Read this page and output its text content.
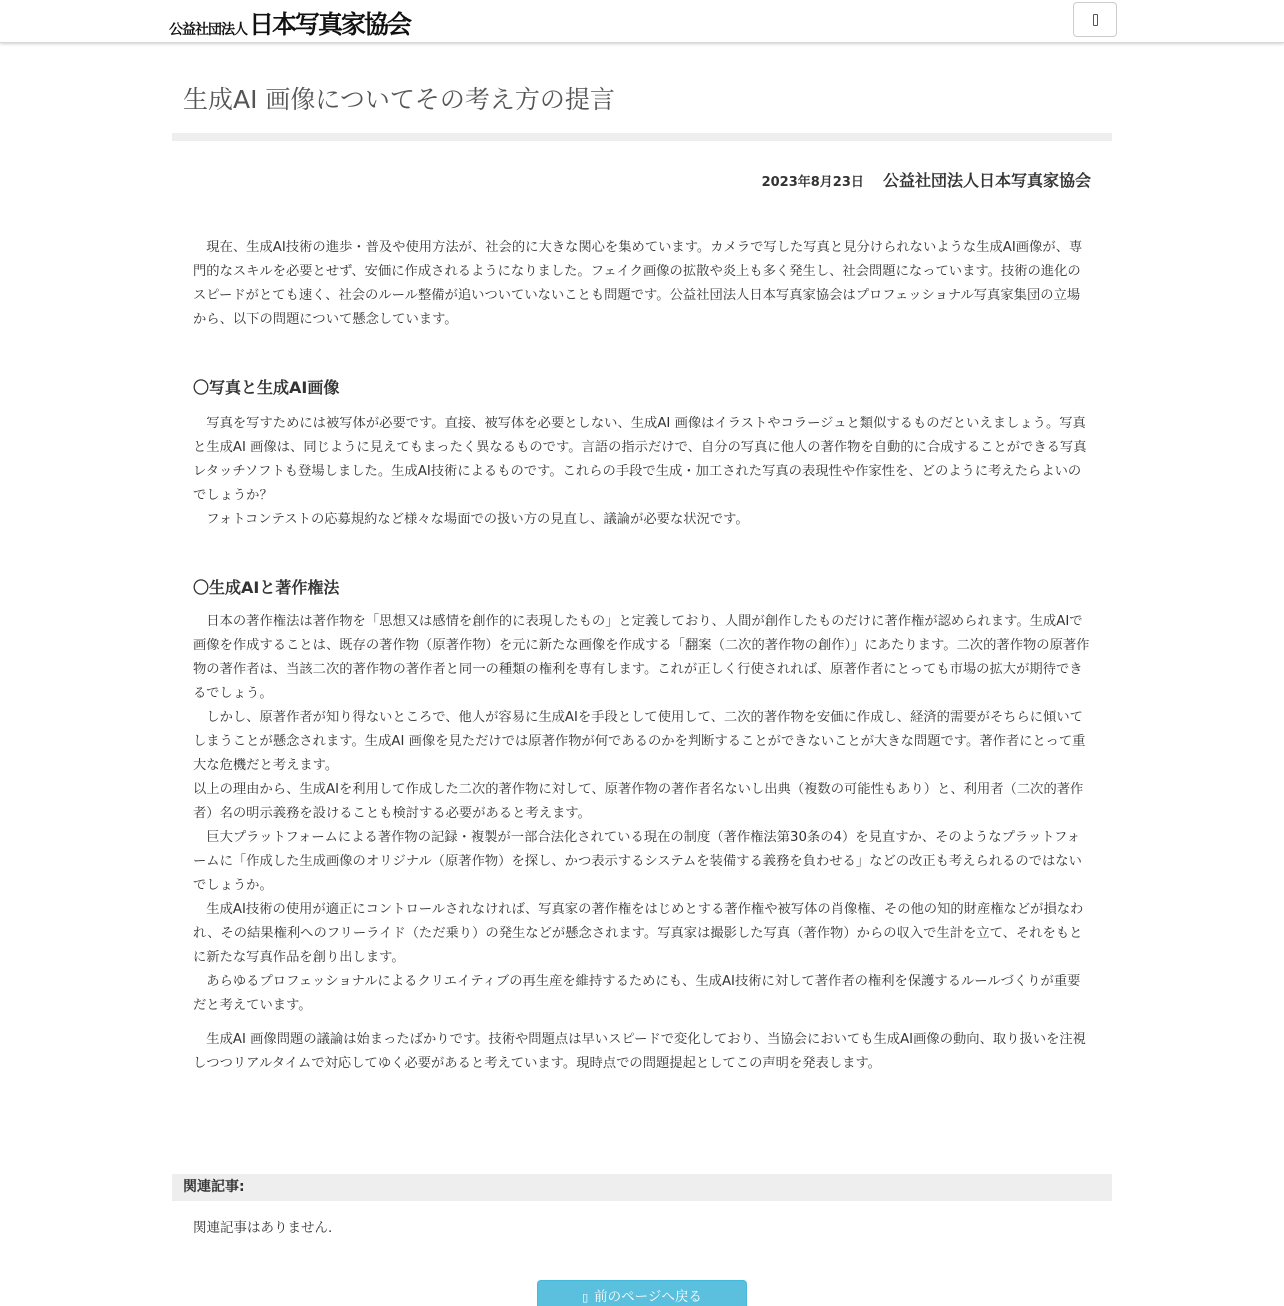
公益社団法人 日本写真家協会
生成AI 画像についてその考え方の提言
2023年8月23日 公益社団法人日本写真家協会

　現在、生成AI技術の進歩・普及や使用方法が、社会的に大きな関心を集めています。カメラで写した写真と見分けられないような生成AI画像が、専門的なスキルを必要とせず、安価に作成されるようになりました。フェイク画像の拡散や炎上も多く発生し、社会問題になっています。技術の進化のスピードがとても速く、社会のルール整備が追いついていないことも問題です。公益社団法人日本写真家協会はプロフェッショナル写真家集団の立場から、以下の問題について懸念しています。

〇写真と生成AI画像

　写真を写すためには被写体が必要です。直接、被写体を必要としない、生成AI 画像はイラストやコラージュと類似するものだといえましょう。写真と生成AI 画像は、同じように見えてもまったく異なるものです。言語の指示だけで、自分の写真に他人の著作物を自動的に合成することができる写真レタッチソフトも登場しました。生成AI技術によるものです。これらの手段で生成・加工された写真の表現性や作家性を、どのように考えたらよいのでしょうか？

　フォトコンテストの応募規約など様々な場面での扱い方の見直し、議論が必要な状況です。

〇生成AIと著作権法

　日本の著作権法は著作物を「思想又は感情を創作的に表現したもの」と定義しており、人間が創作したものだけに著作権が認められます。生成AIで画像を作成することは、既存の著作物（原著作物）を元に新たな画像を作成する「翻案（二次的著作物の創作）」にあたります。二次的著作物の原著作物の著作者は、当該二次的著作物の著作者と同一の種類の権利を専有します。これが正しく行使されれば、原著作者にとっても市場の拡大が期待できるでしょう。

　しかし、原著作者が知り得ないところで、他人が容易に生成AIを手段として使用して、二次的著作物を安価に作成し、経済的需要がそちらに傾いてしまうことが懸念されます。生成AI 画像を見ただけでは原著作物が何であるのかを判断することができないことが大きな問題です。著作者にとって重大な危機だと考えます。

以上の理由から、生成AIを利用して作成した二次的著作物に対して、原著作物の著作者名ないし出典（複数の可能性もあり）と、利用者（二次的著作者）名の明示義務を設けることも検討する必要があると考えます。

　巨大プラットフォームによる著作物の記録・複製が一部合法化されている現在の制度（著作権法第30条の4）を見直すか、そのようなプラットフォームに「作成した生成画像のオリジナル（原著作物）を探し、かつ表示するシステムを装備する義務を負わせる」などの改正も考えられるのではないでしょうか。

　生成AI技術の使用が適正にコントロールされなければ、写真家の著作権をはじめとする著作権や被写体の肖像権、その他の知的財産権などが損なわれ、その結果権利へのフリーライド（ただ乗り）の発生などが懸念されます。写真家は撮影した写真（著作物）からの収入で生計を立て、それをもとに新たな写真作品を創り出します。

　あらゆるプロフェッショナルによるクリエイティブの再生産を維持するためにも、生成AI技術に対して著作者の権利を保護するルールづくりが重要だと考えています。

　生成AI 画像問題の議論は始まったばかりです。技術や問題点は早いスピードで変化しており、当協会においても生成AI画像の動向、取り扱いを注視しつつリアルタイムで対応してゆく必要があると考えています。現時点での問題提起としてこの声明を発表します。

関連記事:
関連記事はありません.
▯ 前のページへ戻る
